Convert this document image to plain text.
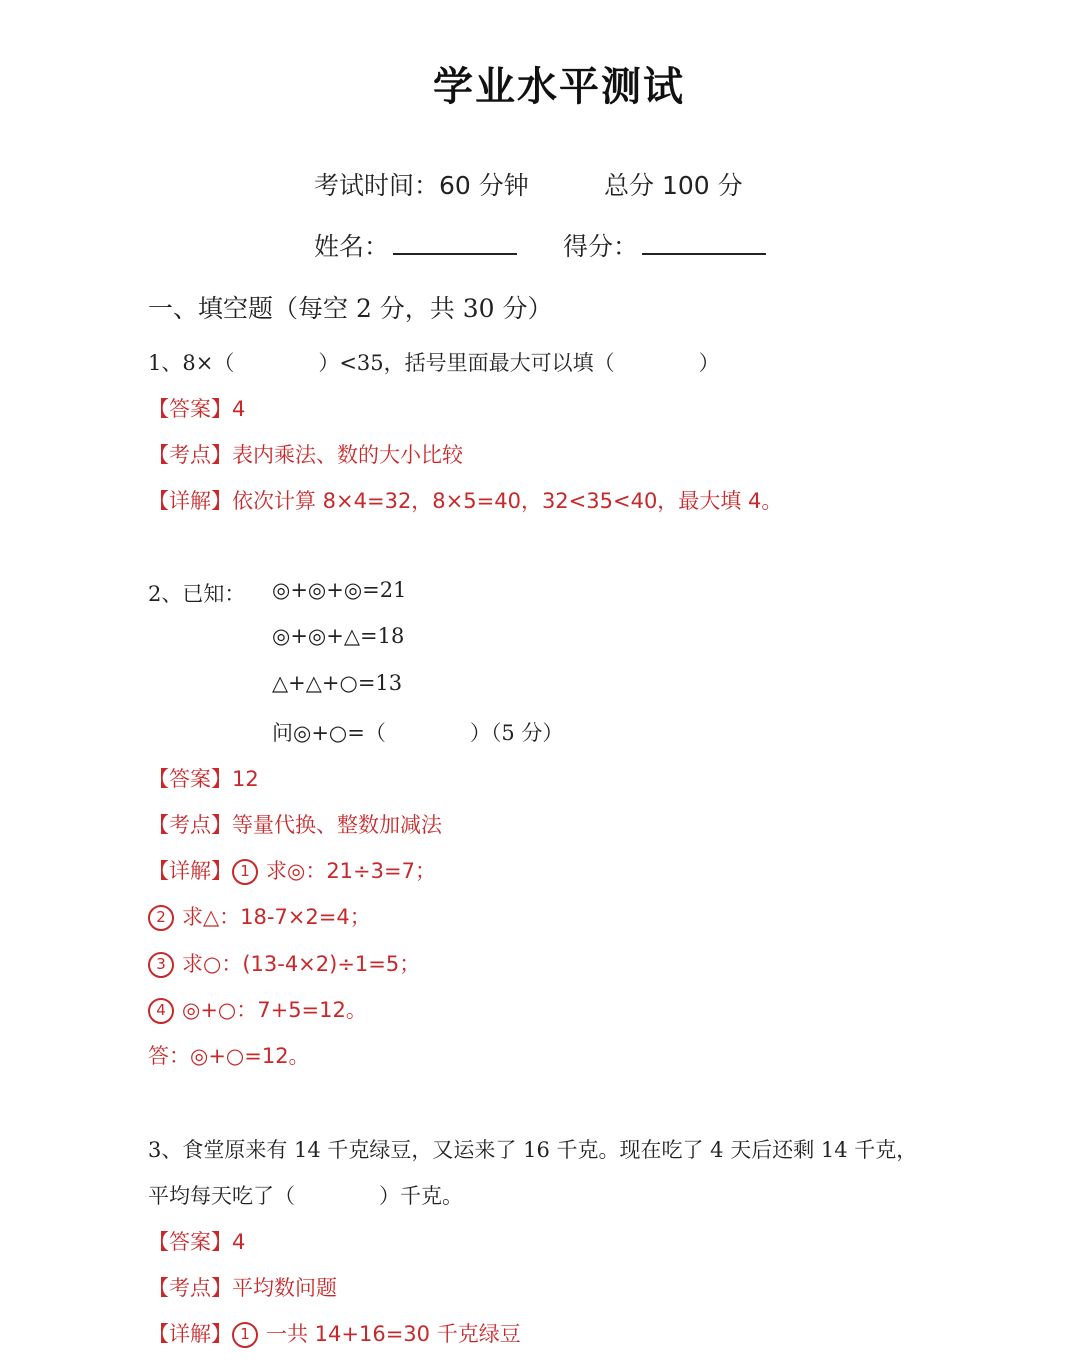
学业水平测试
考试时间：60 分钟	总分 100 分
姓名：	得分：
一、填空题（每空 2 分，共 30 分）
1、8×（　　　　）<35，括号里面最大可以填（　　　　）
【答案】4
【考点】表内乘法、数的大小比较
【详解】依次计算 8×4=32，8×5=40，32<35<40，最大填 4。
2、已知： ◎+◎+◎=21
◎+◎+△=18
△+△+○=13
问◎+○=（　　　　）（5 分）
【答案】12
【考点】等量代换、整数加减法
【详解】 1 求◎：21÷3=7；
2 求△：18-7×2=4；
3 求○：(13-4×2)÷1=5；
4 ◎+○：7+5=12。
答：◎+○=12。
3、食堂原来有 14 千克绿豆，又运来了 16 千克。现在吃了 4 天后还剩 14 千克，
平均每天吃了（　　　　）千克。
【答案】4
【考点】平均数问题
【详解】 1 一共 14+16=30 千克绿豆
